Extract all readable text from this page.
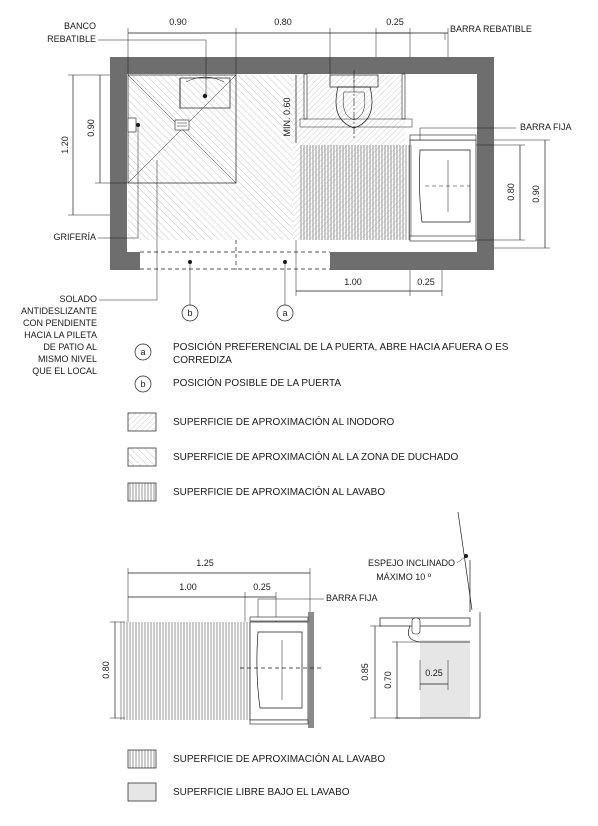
0.90	0.80	0.25
1.20
0.90	MIN. 0.60
0.80 0.90
1.00	0.25
BANCO
REBATIBLE
BARRA REBATIBLE
BARRA FIJA
GRIFERÍA
SOLADO
ANTIDESLIZANTE
CON PENDIENTE
HACIA LA PILETA
DE PATIO AL
MISMO NIVEL
QUE EL LOCAL
b	a
a	POSICIÓN PREFERENCIAL DE LA PUERTA, ABRE HACIA AFUERA O ES
CORREDIZA
b	POSICIÓN POSIBLE DE LA PUERTA
SUPERFICIE DE APROXIMACIÓN AL INODORO
SUPERFICIE DE APROXIMACIÓN AL LA ZONA DE DUCHADO
SUPERFICIE DE APROXIMACIÓN AL LAVABO
1.25
1.00	0.25
0.80
BARRA FIJA
ESPEJO INCLINADO
MÁXIMO 10 º
0.85 0.70	0.25
SUPERFICIE DE APROXIMACIÓN AL LAVABO
SUPERFICIE LIBRE BAJO EL LAVABO
